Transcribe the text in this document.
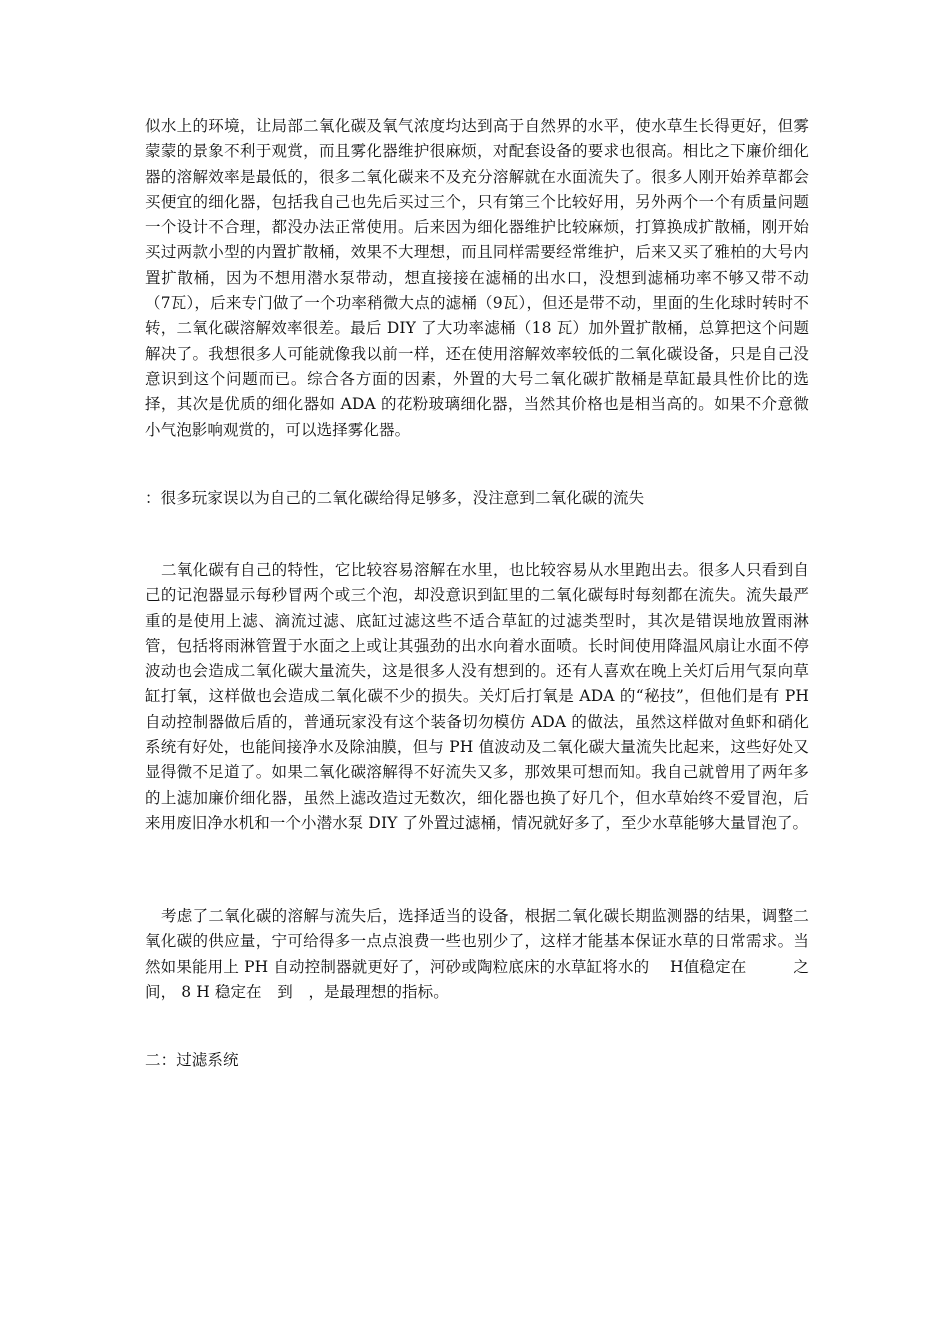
似水上的环境，让局部二氧化碳及氧气浓度均达到高于自然界的水平，使水草生长得更好，但雾蒙蒙的景象不利于观赏，而且雾化器维护很麻烦，对配套设备的要求也很高。相比之下廉价细化器的溶解效率是最低的，很多二氧化碳来不及充分溶解就在水面流失了。很多人刚开始养草都会买便宜的细化器，包括我自己也先后买过三个，只有第三个比较好用，另外两个一个有质量问题一个设计不合理，都没办法正常使用。后来因为细化器维护比较麻烦，打算换成扩散桶，刚开始买过两款小型的内置扩散桶，效果不大理想，而且同样需要经常维护，后来又买了雅柏的大号内置扩散桶，因为不想用潜水泵带动，想直接接在滤桶的出水口，没想到滤桶功率不够又带不动（7瓦），后来专门做了一个功率稍微大点的滤桶（9瓦），但还是带不动，里面的生化球时转时不转，二氧化碳溶解效率很差。最后 DIY 了大功率滤桶（18 瓦）加外置扩散桶，总算把这个问题解决了。我想很多人可能就像我以前一样，还在使用溶解效率较低的二氧化碳设备，只是自己没意识到这个问题而已。综合各方面的因素，外置的大号二氧化碳扩散桶是草缸最具性价比的选择，其次是优质的细化器如 ADA 的花粉玻璃细化器，当然其价格也是相当高的。如果不介意微小气泡影响观赏的，可以选择雾化器。

：很多玩家误以为自己的二氧化碳给得足够多，没注意到二氧化碳的流失

二氧化碳有自己的特性，它比较容易溶解在水里，也比较容易从水里跑出去。很多人只看到自己的记泡器显示每秒冒两个或三个泡，却没意识到缸里的二氧化碳每时每刻都在流失。流失最严重的是使用上滤、滴流过滤、底缸过滤这些不适合草缸的过滤类型时，其次是错误地放置雨淋管，包括将雨淋管置于水面之上或让其强劲的出水向着水面喷。长时间使用降温风扇让水面不停波动也会造成二氧化碳大量流失，这是很多人没有想到的。还有人喜欢在晚上关灯后用气泵向草缸打氧，这样做也会造成二氧化碳不少的损失。关灯后打氧是 ADA 的“秘技”，但他们是有 PH 自动控制器做后盾的，普通玩家没有这个装备切勿模仿 ADA 的做法，虽然这样做对鱼虾和硝化系统有好处，也能间接净水及除油膜，但与 PH 值波动及二氧化碳大量流失比起来，这些好处又显得微不足道了。如果二氧化碳溶解得不好流失又多，那效果可想而知。我自己就曾用了两年多的上滤加廉价细化器，虽然上滤改造过无数次，细化器也换了好几个，但水草始终不爱冒泡，后来用废旧净水机和一个小潜水泵 DIY 了外置过滤桶，情况就好多了，至少水草能够大量冒泡了。

考虑了二氧化碳的溶解与流失后，选择适当的设备，根据二氧化碳长期监测器的结果，调整二氧化碳的供应量，宁可给得多一点点浪费一些也别少了，这样才能基本保证水草的日常需求。当然如果能用上 PH 自动控制器就更好了，河砂或陶粒底床的水草缸将水的　 H值稳定在　　　之间， 8 H 稳定在　到　，是最理想的指标。

二：过滤系统
